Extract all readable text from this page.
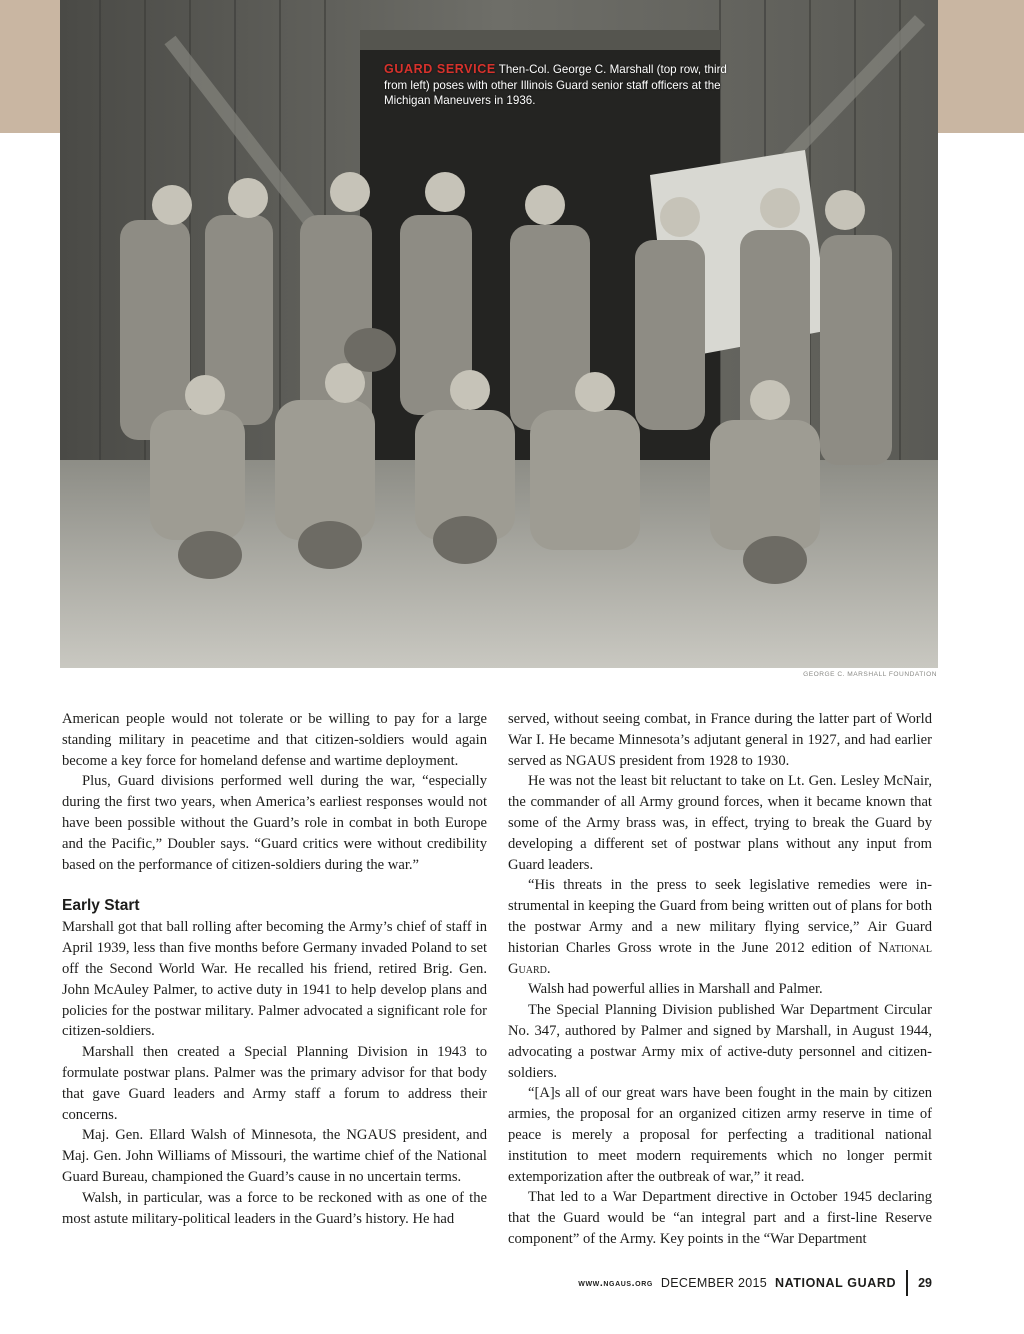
GUARD SERVICE Then-Col. George C. Marshall (top row, third from left) poses with other Illinois Guard senior staff officers at the Michigan Maneuvers in 1936.
GEORGE C. MARSHALL FOUNDATION

American people would not tolerate or be willing to pay for a large standing military in peacetime and that citizen-soldiers would again become a key force for homeland defense and wartime deployment.

Plus, Guard divisions performed well during the war, “especially during the first two years, when America’s earliest responses would not have been possible without the Guard’s role in combat in both Europe and the Pacific,” Doubler says. “Guard critics were without credibility based on the performance of citizen-soldiers during the war.”

Early Start

Marshall got that ball rolling after becoming the Army’s chief of staff in April 1939, less than five months before Germany invaded Poland to set off the Second World War. He recalled his friend, retired Brig. Gen. John McAuley Palmer, to active duty in 1941 to help develop plans and policies for the postwar military. Palmer advocated a significant role for citizen-soldiers.

Marshall then created a Special Planning Division in 1943 to formulate postwar plans. Palmer was the primary advisor for that body that gave Guard leaders and Army staff a forum to address their concerns.

Maj. Gen. Ellard Walsh of Minnesota, the NGAUS president, and Maj. Gen. John Williams of Missouri, the wartime chief of the National Guard Bureau, championed the Guard’s cause in no uncertain terms.

Walsh, in particular, was a force to be reckoned with as one of the most astute military-political leaders in the Guard’s history. He had

served, without seeing combat, in France during the latter part of World War I. He became Minnesota’s adjutant general in 1927, and had earlier served as NGAUS president from 1928 to 1930.

He was not the least bit reluctant to take on Lt. Gen. Lesley McNair, the commander of all Army ground forces, when it became known that some of the Army brass was, in effect, trying to break the Guard by developing a different set of postwar plans without any input from Guard leaders.

“His threats in the press to seek legislative remedies were instrumental in keeping the Guard from being written out of plans for both the postwar Army and a new military flying service,” Air Guard historian Charles Gross wrote in the June 2012 edition of National Guard.

Walsh had powerful allies in Marshall and Palmer.

The Special Planning Division published War Department Circular No. 347, authored by Palmer and signed by Marshall, in August 1944, advocating a postwar Army mix of active-duty personnel and citizen-soldiers.

“[A]s all of our great wars have been fought in the main by citizen armies, the proposal for an organized citizen army reserve in time of peace is merely a proposal for perfecting a traditional national institution to meet modern requirements which no longer permit extemporization after the outbreak of war,” it read.

That led to a War Department directive in October 1945 declaring that the Guard would be “an integral part and a first-line Reserve component” of the Army. Key points in the “War Department

www.ngaus.org DECEMBER 2015 NATIONAL GUARD 29
